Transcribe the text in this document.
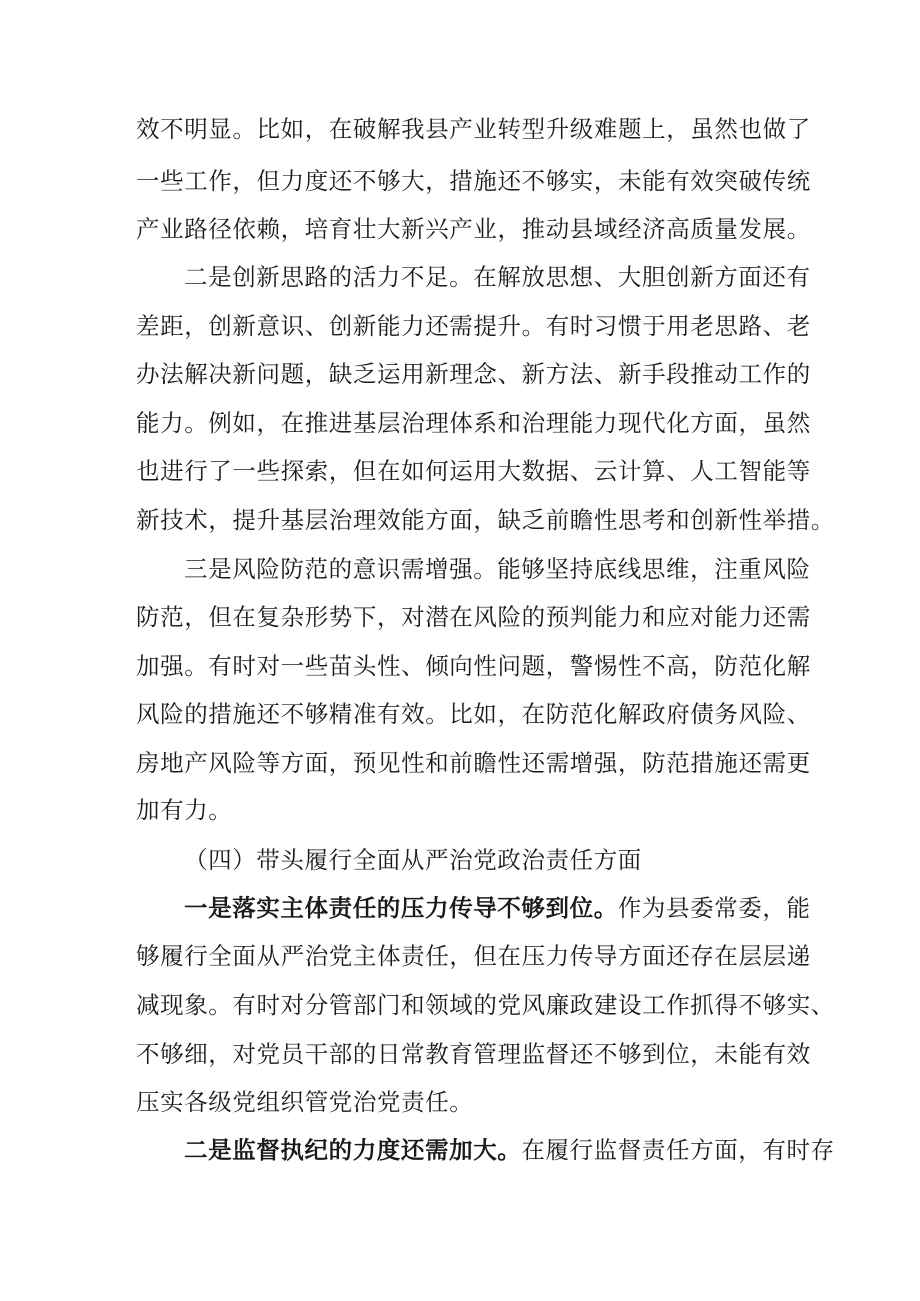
效不明显。比如，在破解我县产业转型升级难题上，虽然也做了
一些工作，但力度还不够大，措施还不够实，未能有效突破传统
产业路径依赖，培育壮大新兴产业，推动县域经济高质量发展。
二是创新思路的活力不足。在解放思想、大胆创新方面还有
差距，创新意识、创新能力还需提升。有时习惯于用老思路、老
办法解决新问题，缺乏运用新理念、新方法、新手段推动工作的
能力。例如，在推进基层治理体系和治理能力现代化方面，虽然
也进行了一些探索，但在如何运用大数据、云计算、人工智能等
新技术，提升基层治理效能方面，缺乏前瞻性思考和创新性举措。
三是风险防范的意识需增强。能够坚持底线思维，注重风险
防范，但在复杂形势下，对潜在风险的预判能力和应对能力还需
加强。有时对一些苗头性、倾向性问题，警惕性不高，防范化解
风险的措施还不够精准有效。比如，在防范化解政府债务风险、
房地产风险等方面，预见性和前瞻性还需增强，防范措施还需更
加有力。
（四）带头履行全面从严治党政治责任方面
一是落实主体责任的压力传导不够到位。作为县委常委，能
够履行全面从严治党主体责任，但在压力传导方面还存在层层递
减现象。有时对分管部门和领域的党风廉政建设工作抓得不够实、
不够细，对党员干部的日常教育管理监督还不够到位，未能有效
压实各级党组织管党治党责任。
二是监督执纪的力度还需加大。在履行监督责任方面，有时存
